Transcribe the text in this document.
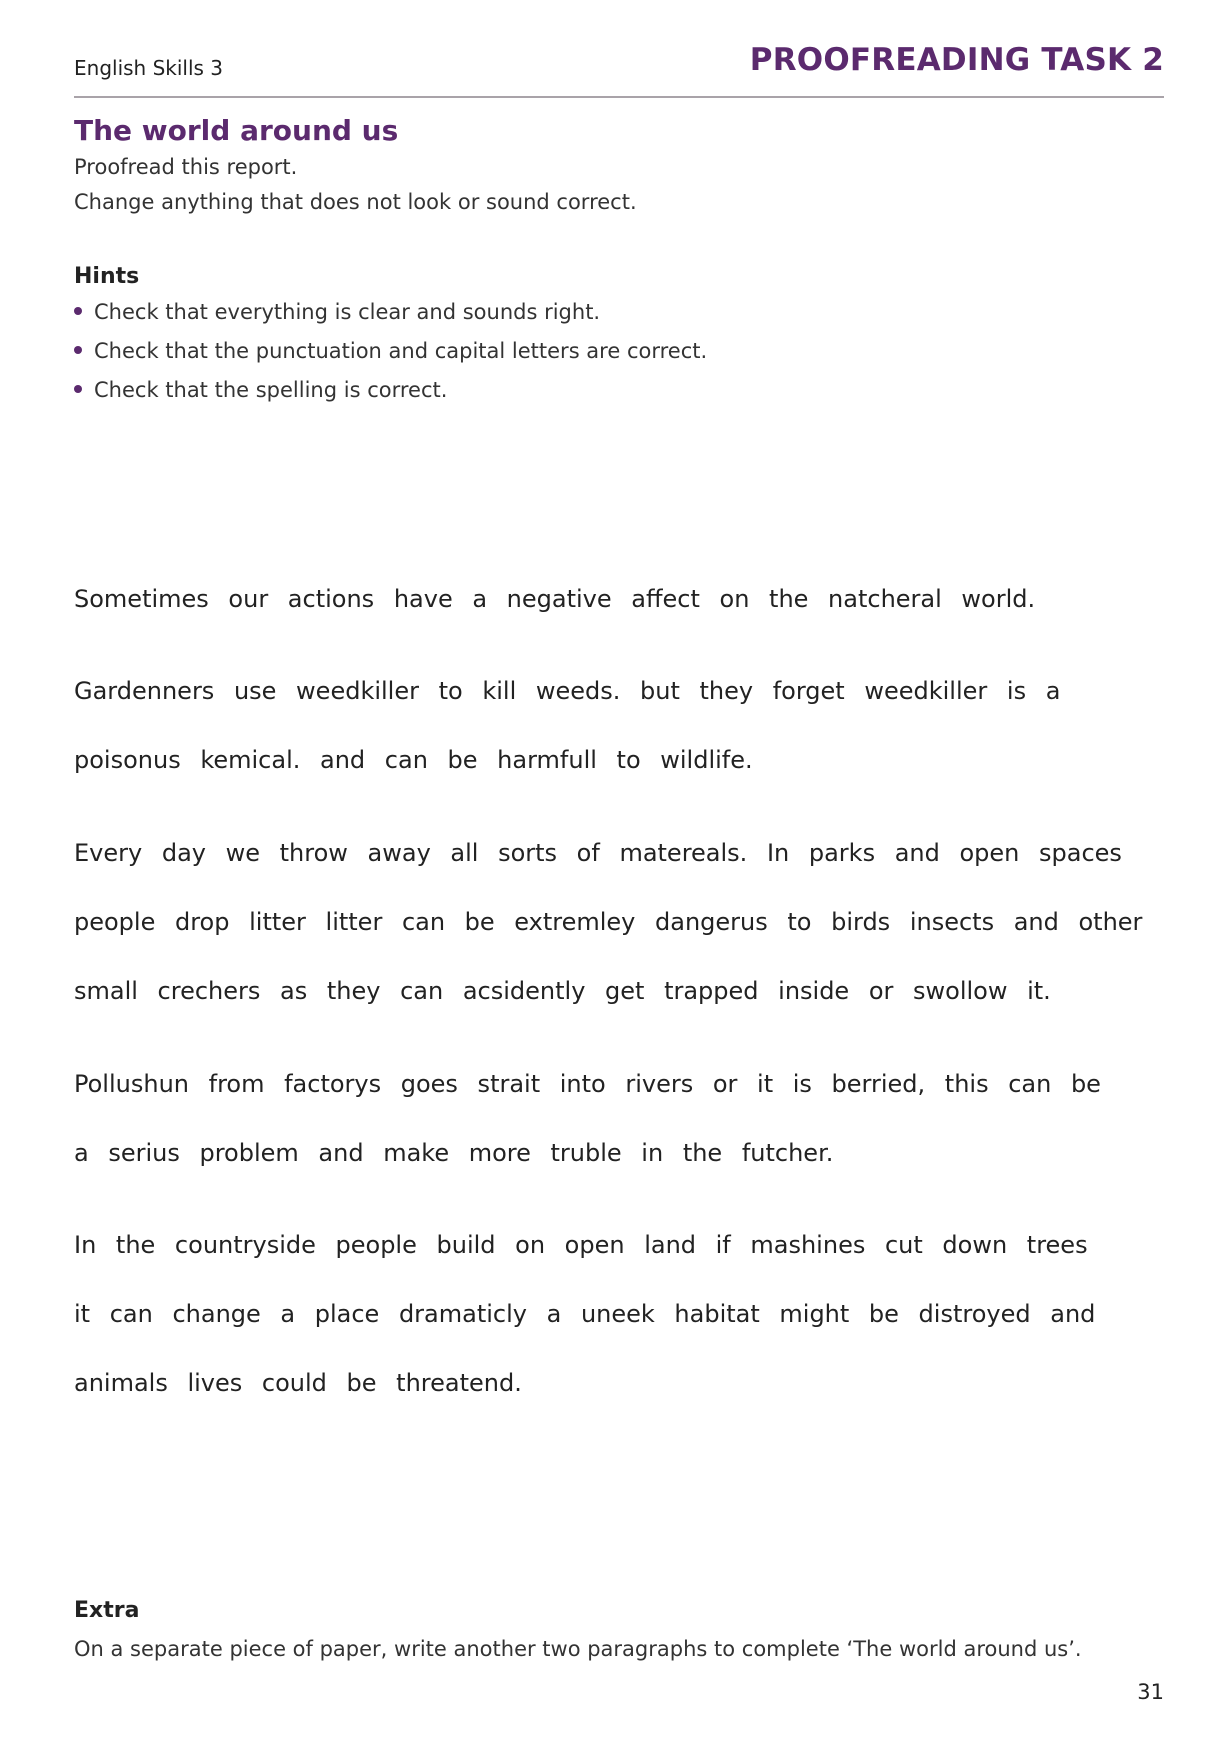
English Skills 3	PROOFREADING TASK 2
The world around us
Proofread this report.
Change anything that does not look or sound correct.
Hints
Check that everything is clear and sounds right.
Check that the punctuation and capital letters are correct.
Check that the spelling is correct.
Sometimes our actions have a negative affect on the natcheral world.
Gardenners use weedkiller to kill weeds. but they forget weedkiller is a
poisonus kemical. and can be harmfull to wildlife.
Every day we throw away all sorts of matereals. In parks and open spaces
people drop litter litter can be extremley dangerus to birds insects and other
small crechers as they can acsidently get trapped inside or swollow it.
Pollushun from factorys goes strait into rivers or it is berried, this can be
a serius problem and make more truble in the futcher.
In the countryside people build on open land if mashines cut down trees
it can change a place dramaticly a uneek habitat might be distroyed and
animals lives could be threatend.
Extra
On a separate piece of paper, write another two paragraphs to complete ‘The world around us’.
31
